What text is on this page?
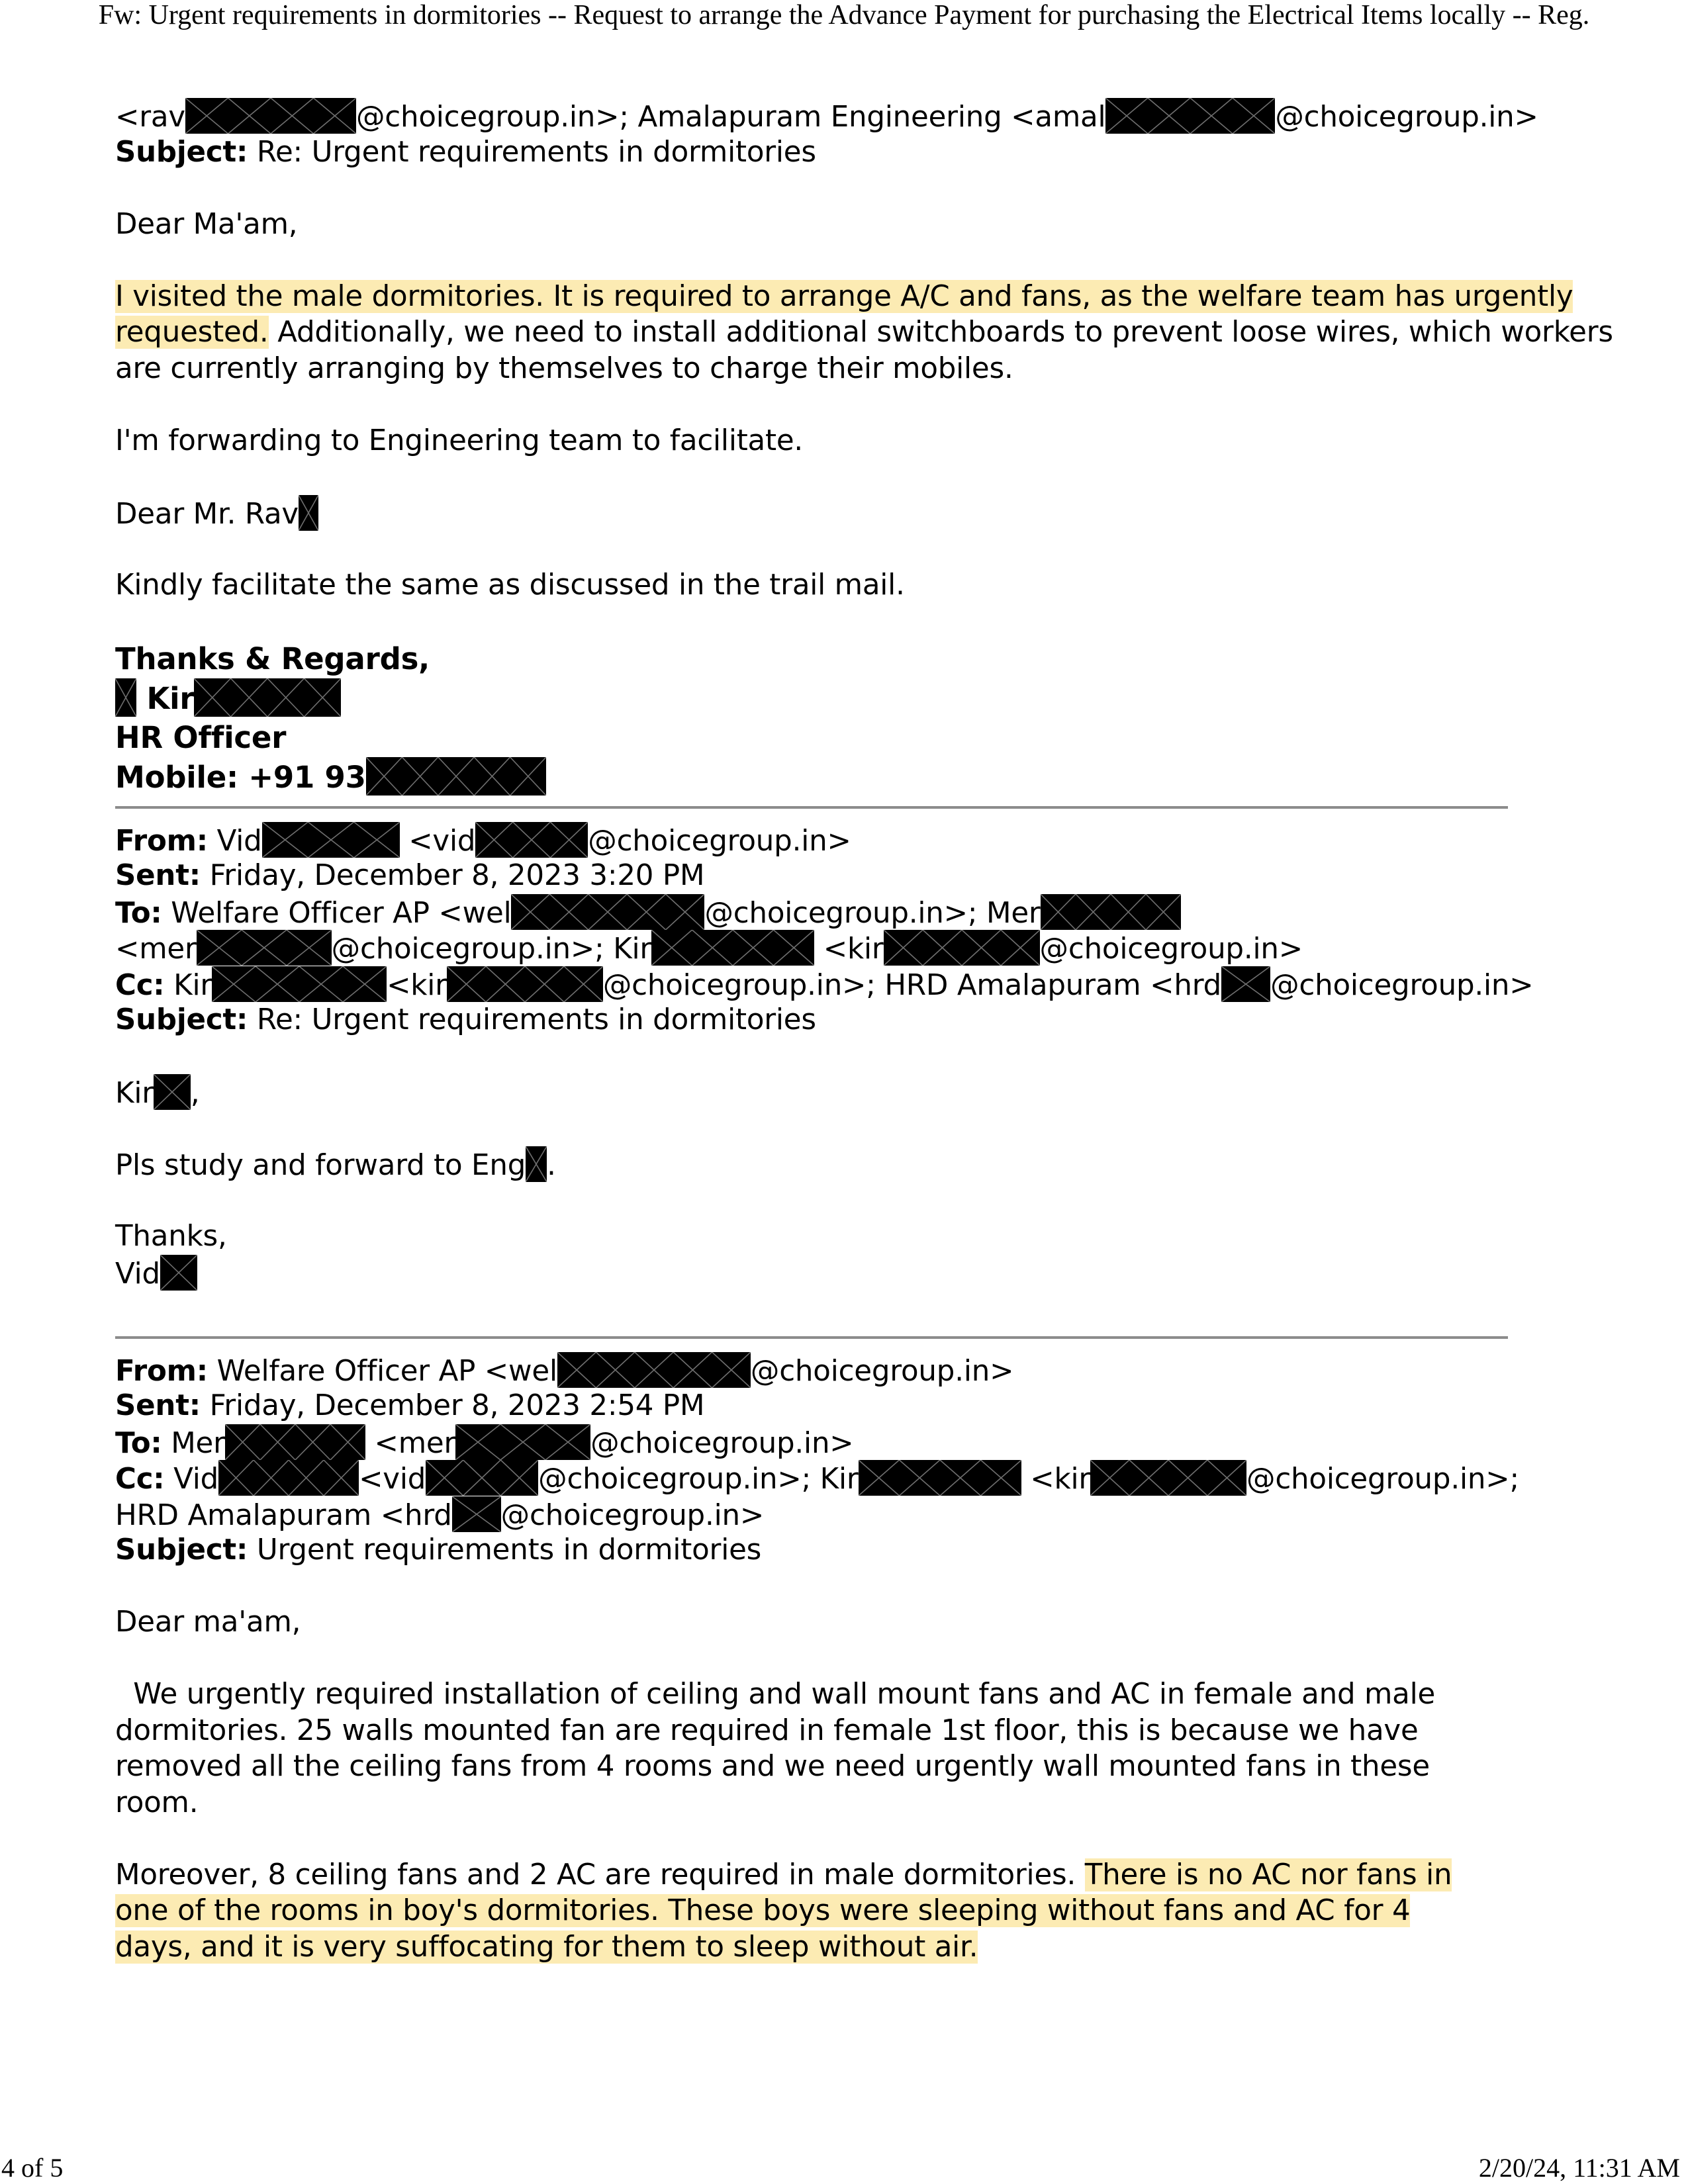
Fw: Urgent requirements in dormitories -- Request to arrange the Advance Payment for purchasing the Electrical Items locally -- Reg.
<rav	@choicegroup.in>; Amalapuram Engineering <amal	@choicegroup.in>
Subject: Re: Urgent requirements in dormitories
Dear Ma'am,
I visited the male dormitories. It is required to arrange A/C and fans, as the welfare team has urgently
requested. Additionally, we need to install additional switchboards to prevent loose wires, which workers
are currently arranging by themselves to charge their mobiles.
I'm forwarding to Engineering team to facilitate.
Dear Mr. Rav
Kindly facilitate the same as discussed in the trail mail.
Thanks & Regards,
Kir
HR Officer
Mobile: +91 93
From: Vid	<vid	@choicegroup.in>
Sent: Friday, December 8, 2023 3:20 PM
To: Welfare Officer AP <wel	@choicegroup.in>; Mer
<mer	@choicegroup.in>; Kir	<kir	@choicegroup.in>
Cc: Kir	<kir	@choicegroup.in>; HRD Amalapuram <hrd @choicegroup.in>
Subject: Re: Urgent requirements in dormitories
Kir ,
Pls study and forward to Eng .
Thanks,
Vid
From: Welfare Officer AP <wel	@choicegroup.in>
Sent: Friday, December 8, 2023 2:54 PM
To: Mer	<mer	@choicegroup.in>
Cc: Vid	<vid	@choicegroup.in>; Kir	<kir	@choicegroup.in>;
HRD Amalapuram <hrd @choicegroup.in>
Subject: Urgent requirements in dormitories
Dear ma'am,
We urgently required installation of ceiling and wall mount fans and AC in female and male
dormitories. 25 walls mounted fan are required in female 1st floor, this is because we have
removed all the ceiling fans from 4 rooms and we need urgently wall mounted fans in these
room.
Moreover, 8 ceiling fans and 2 AC are required in male dormitories. There is no AC nor fans in
one of the rooms in boy's dormitories. These boys were sleeping without fans and AC for 4
days, and it is very suffocating for them to sleep without air.
4 of 5	2/20/24, 11:31 AM
